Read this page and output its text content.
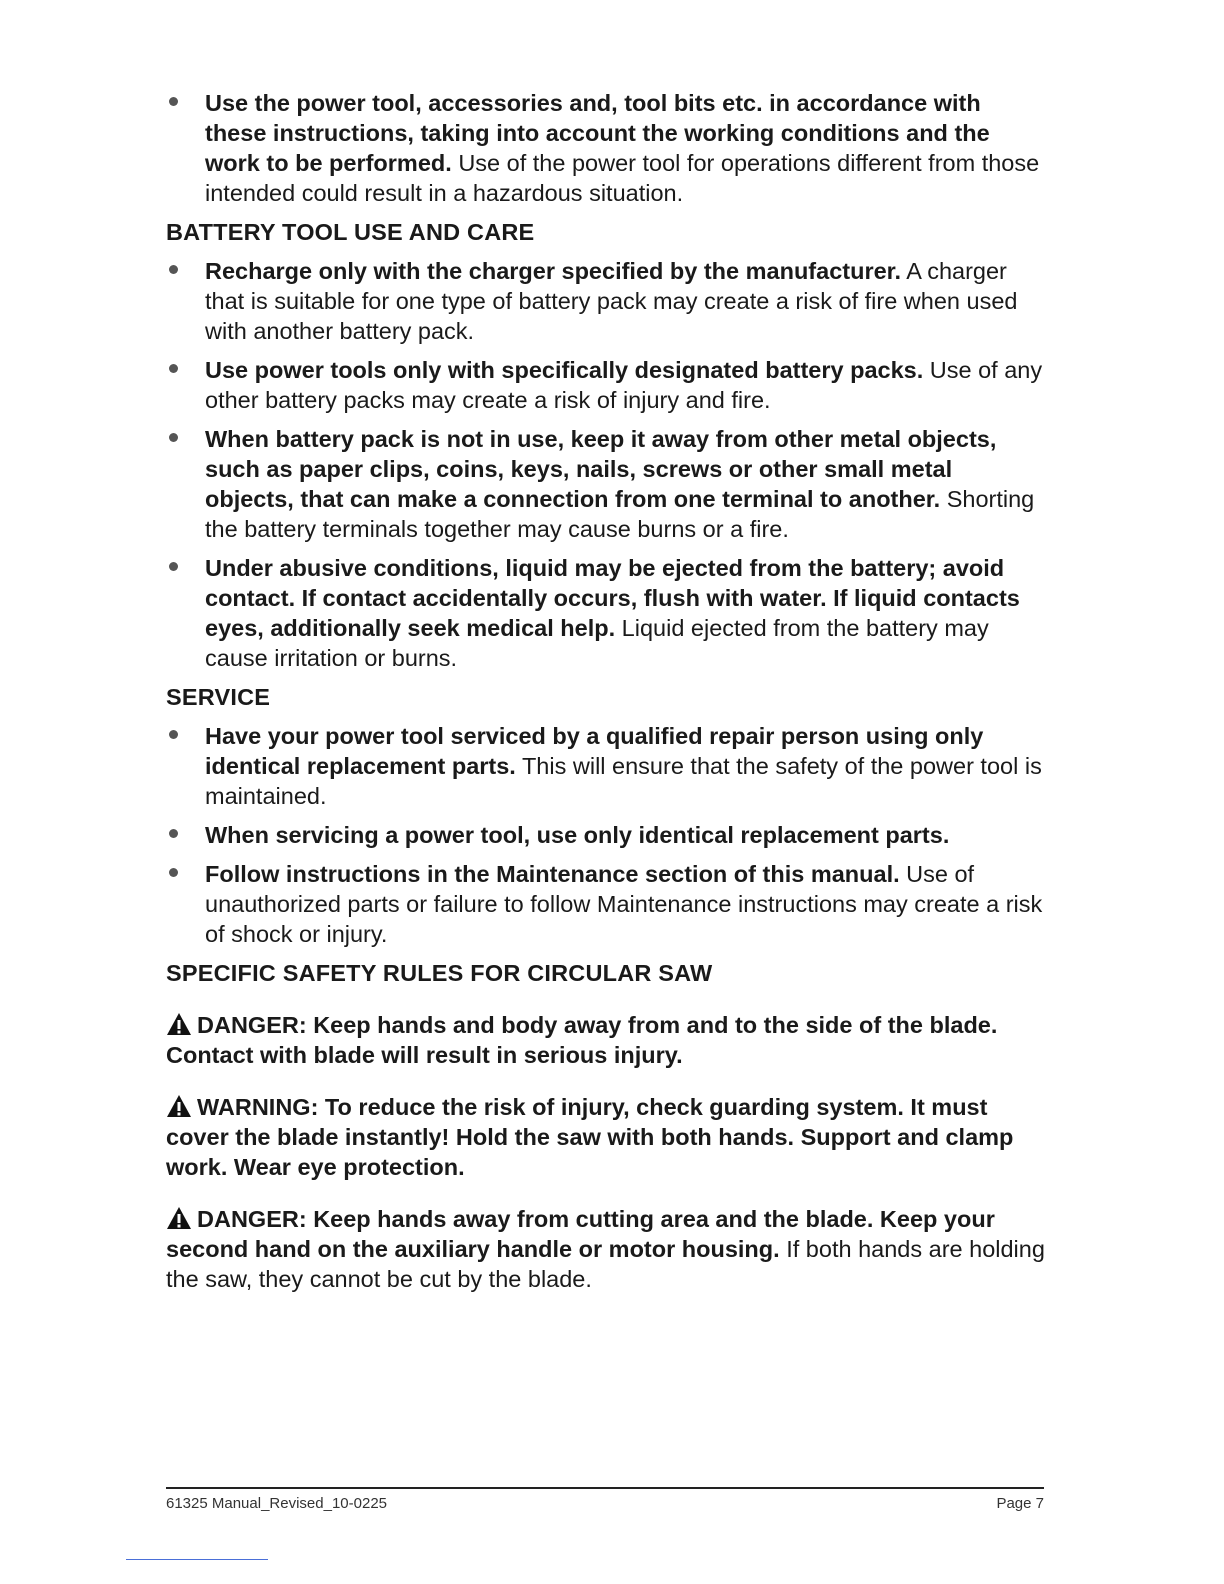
Use the power tool, accessories and, tool bits etc. in accordance with these instructions, taking into account the working conditions and the work to be performed. Use of the power tool for operations different from those intended could result in a hazardous situation.
BATTERY TOOL USE AND CARE
Recharge only with the charger specified by the manufacturer. A charger that is suitable for one type of battery pack may create a risk of fire when used with another battery pack.
Use power tools only with specifically designated battery packs. Use of any other battery packs may create a risk of injury and fire.
When battery pack is not in use, keep it away from other metal objects, such as paper clips, coins, keys, nails, screws or other small metal objects, that can make a connection from one terminal to another. Shorting the battery terminals together may cause burns or a fire.
Under abusive conditions, liquid may be ejected from the battery; avoid contact. If contact accidentally occurs, flush with water. If liquid contacts eyes, additionally seek medical help. Liquid ejected from the battery may cause irritation or burns.
SERVICE
Have your power tool serviced by a qualified repair person using only identical replacement parts. This will ensure that the safety of the power tool is maintained.
When servicing a power tool, use only identical replacement parts.
Follow instructions in the Maintenance section of this manual. Use of unauthorized parts or failure to follow Maintenance instructions may create a risk of shock or injury.
SPECIFIC SAFETY RULES FOR CIRCULAR SAW
DANGER: Keep hands and body away from and to the side of the blade. Contact with blade will result in serious injury.
WARNING: To reduce the risk of injury, check guarding system. It must cover the blade instantly! Hold the saw with both hands. Support and clamp work. Wear eye protection.
DANGER: Keep hands away from cutting area and the blade. Keep your second hand on the auxiliary handle or motor housing. If both hands are holding the saw, they cannot be cut by the blade.
61325 Manual_Revised_10-0225	Page 7
